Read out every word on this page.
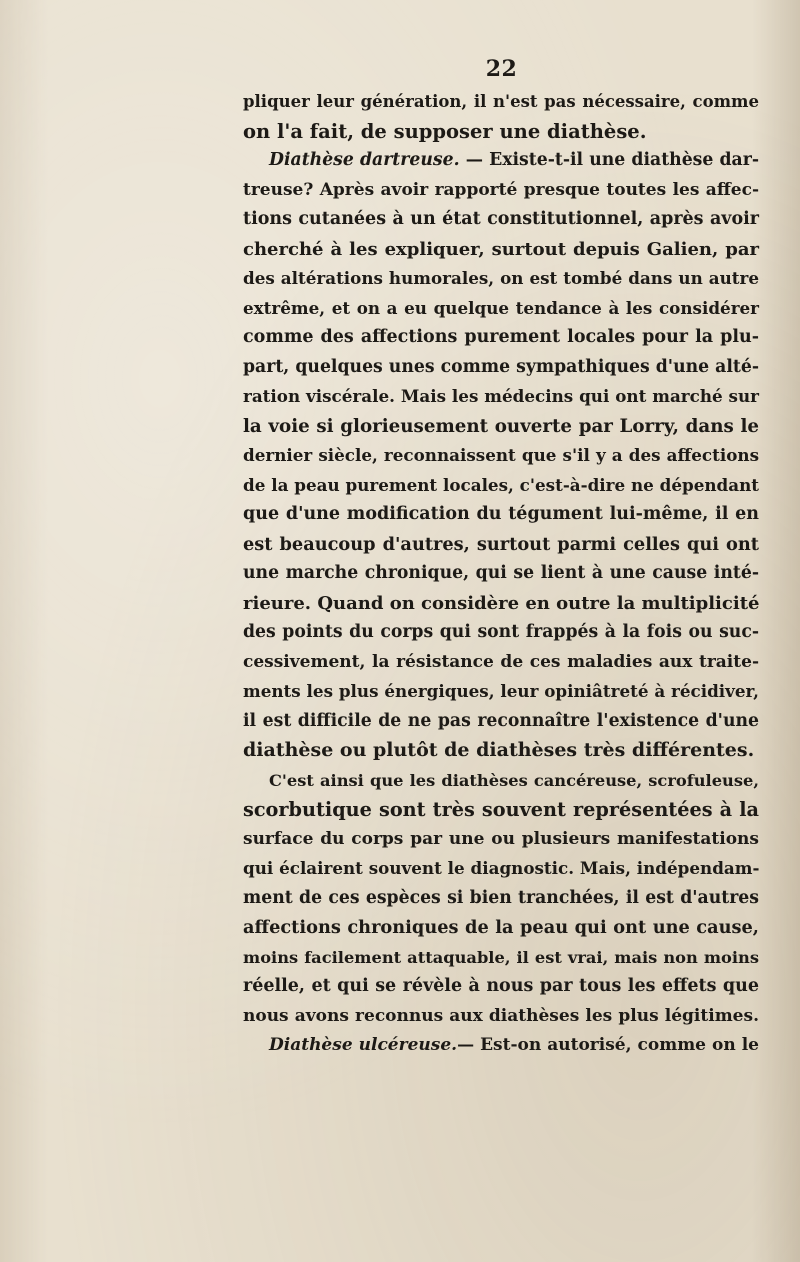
22
pliquer leur génération, il n'est pas nécessaire, comme
on l'a fait, de supposer une diathèse.
Diathèse dartreuse. — Existe-t-il une diathèse dar-
treuse? Après avoir rapporté presque toutes les affec-
tions cutanées à un état constitutionnel, après avoir
cherché à les expliquer, surtout depuis Galien, par
des altérations humorales, on est tombé dans un autre
extrême, et on a eu quelque tendance à les considérer
comme des affections purement locales pour la plu-
part, quelques unes comme sympathiques d'une alté-
ration viscérale. Mais les médecins qui ont marché sur
la voie si glorieusement ouverte par Lorry, dans le
dernier siècle, reconnaissent que s'il y a des affections
de la peau purement locales, c'est-à-dire ne dépendant
que d'une modification du tégument lui-même, il en
est beaucoup d'autres, surtout parmi celles qui ont
une marche chronique, qui se lient à une cause inté-
rieure. Quand on considère en outre la multiplicité
des points du corps qui sont frappés à la fois ou suc-
cessivement, la résistance de ces maladies aux traite-
ments les plus énergiques, leur opiniâtreté à récidiver,
il est difficile de ne pas reconnaître l'existence d'une
diathèse ou plutôt de diathèses très différentes.
C'est ainsi que les diathèses cancéreuse, scrofuleuse,
scorbutique sont très souvent représentées à la
surface du corps par une ou plusieurs manifestations
qui éclairent souvent le diagnostic. Mais, indépendam-
ment de ces espèces si bien tranchées, il est d'autres
affections chroniques de la peau qui ont une cause,
moins facilement attaquable, il est vrai, mais non moins
réelle, et qui se révèle à nous par tous les effets que
nous avons reconnus aux diathèses les plus légitimes.
Diathèse ulcéreuse.— Est-on autorisé, comme on le
